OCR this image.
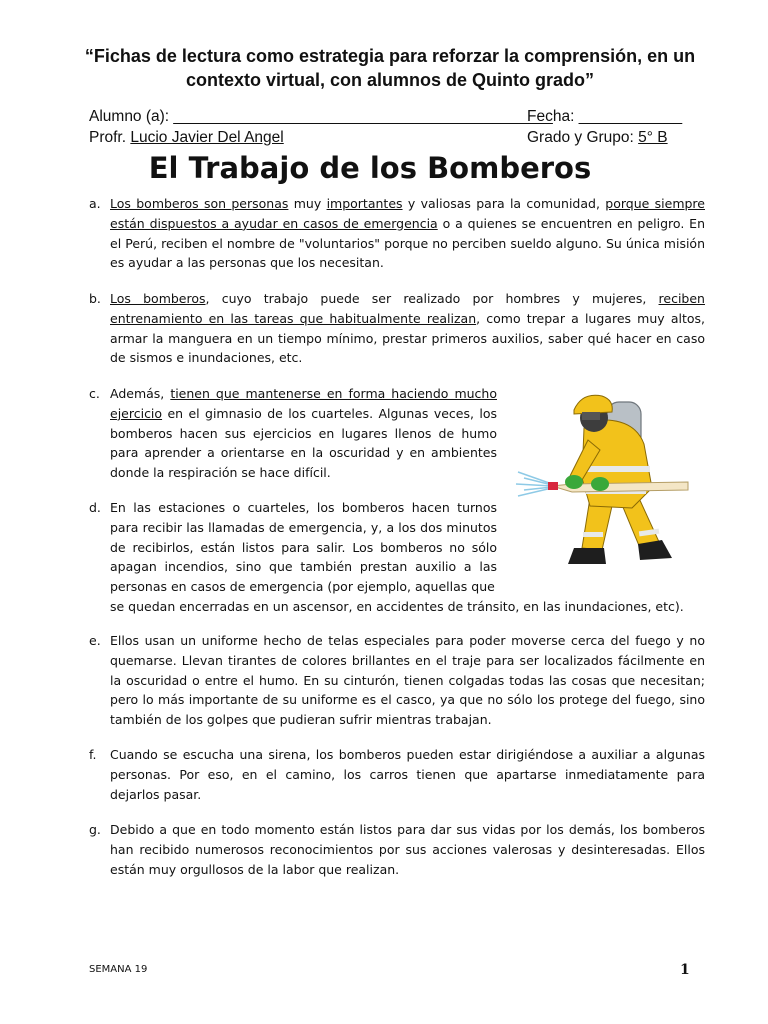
“Fichas de lectura como estrategia para reforzar la comprensión, en un
contexto virtual, con alumnos de Quinto grado”
Alumno (a): ____________________________________________
Fecha: ____________
Profr. Lucio Javier Del Angel	Grado y Grupo: 5° B
El Trabajo de los Bomberos
a. Los bomberos son personas muy importantes y valiosas para la comunidad, porque siempre están dispuestos a ayudar en casos de emergencia o a quienes se encuentren en peligro. En el Perú, reciben el nombre de "voluntarios" porque no perciben sueldo alguno. Su única misión es ayudar a las personas que los necesitan.
b. Los bomberos, cuyo trabajo puede ser realizado por hombres y mujeres, reciben entrenamiento en las tareas que habitualmente realizan, como trepar a lugares muy altos, armar la manguera en un tiempo mínimo, prestar primeros auxilios, saber qué hacer en caso de sismos e inundaciones, etc.
c. Además, tienen que mantenerse en forma haciendo mucho ejercicio en el gimnasio de los cuarteles. Algunas veces, los bomberos hacen sus ejercicios en lugares llenos de humo para aprender a orientarse en la oscuridad y en ambientes donde la respiración se hace difícil.
d. En las estaciones o cuarteles, los bomberos hacen turnos para recibir las llamadas de emergencia, y, a los dos minutos de recibirlos, están listos para salir. Los bomberos no sólo apagan incendios, sino que también prestan auxilio a las personas en casos de emergencia (por ejemplo, aquellas que
se quedan encerradas en un ascensor, en accidentes de tránsito, en las inundaciones, etc).
e. Ellos usan un uniforme hecho de telas especiales para poder moverse cerca del fuego y no quemarse. Llevan tirantes de colores brillantes en el traje para ser localizados fácilmente en la oscuridad o entre el humo. En su cinturón, tienen colgadas todas las cosas que necesitan; pero lo más importante de su uniforme es el casco, ya que no sólo los protege del fuego, sino también de los golpes que pudieran sufrir mientras trabajan.
f.	Cuando se escucha una sirena, los bomberos pueden estar dirigiéndose a auxiliar a algunas personas. Por eso, en el camino, los carros tienen que apartarse inmediatamente para dejarlos pasar.
g. Debido a que en todo momento están listos para dar sus vidas por los demás, los bomberos han recibido numerosos reconocimientos por sus acciones valerosas y desinteresadas. Ellos están muy orgullosos de la labor que realizan.
SEMANA 19	1
